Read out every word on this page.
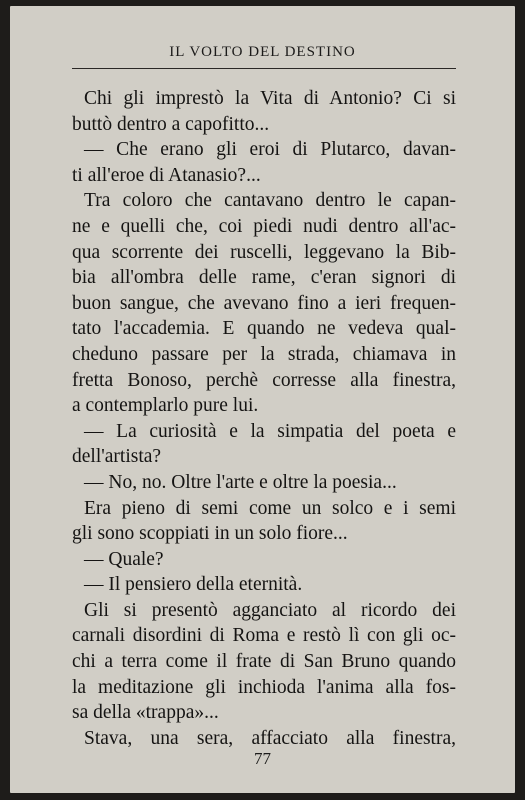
IL VOLTO DEL DESTINO
Chi gli imprestò la Vita di Antonio? Ci si
buttò dentro a capofitto...
— Che erano gli eroi di Plutarco, davan-
ti all'eroe di Atanasio?...
Tra coloro che cantavano dentro le capan-
ne e quelli che, coi piedi nudi dentro all'ac-
qua scorrente dei ruscelli, leggevano la Bib-
bia all'ombra delle rame, c'eran signori di
buon sangue, che avevano fino a ieri frequen-
tato l'accademia. E quando ne vedeva qual-
cheduno passare per la strada, chiamava in
fretta Bonoso, perchè corresse alla finestra,
a contemplarlo pure lui.
— La curiosità e la simpatia del poeta e
dell'artista?
— No, no. Oltre l'arte e oltre la poesia...
Era pieno di semi come un solco e i semi
gli sono scoppiati in un solo fiore...
— Quale?
— Il pensiero della eternità.
Gli si presentò agganciato al ricordo dei
carnali disordini di Roma e restò lì con gli oc-
chi a terra come il frate di San Bruno quando
la meditazione gli inchioda l'anima alla fos-
sa della «trappa»...
Stava, una sera, affacciato alla finestra,
77
